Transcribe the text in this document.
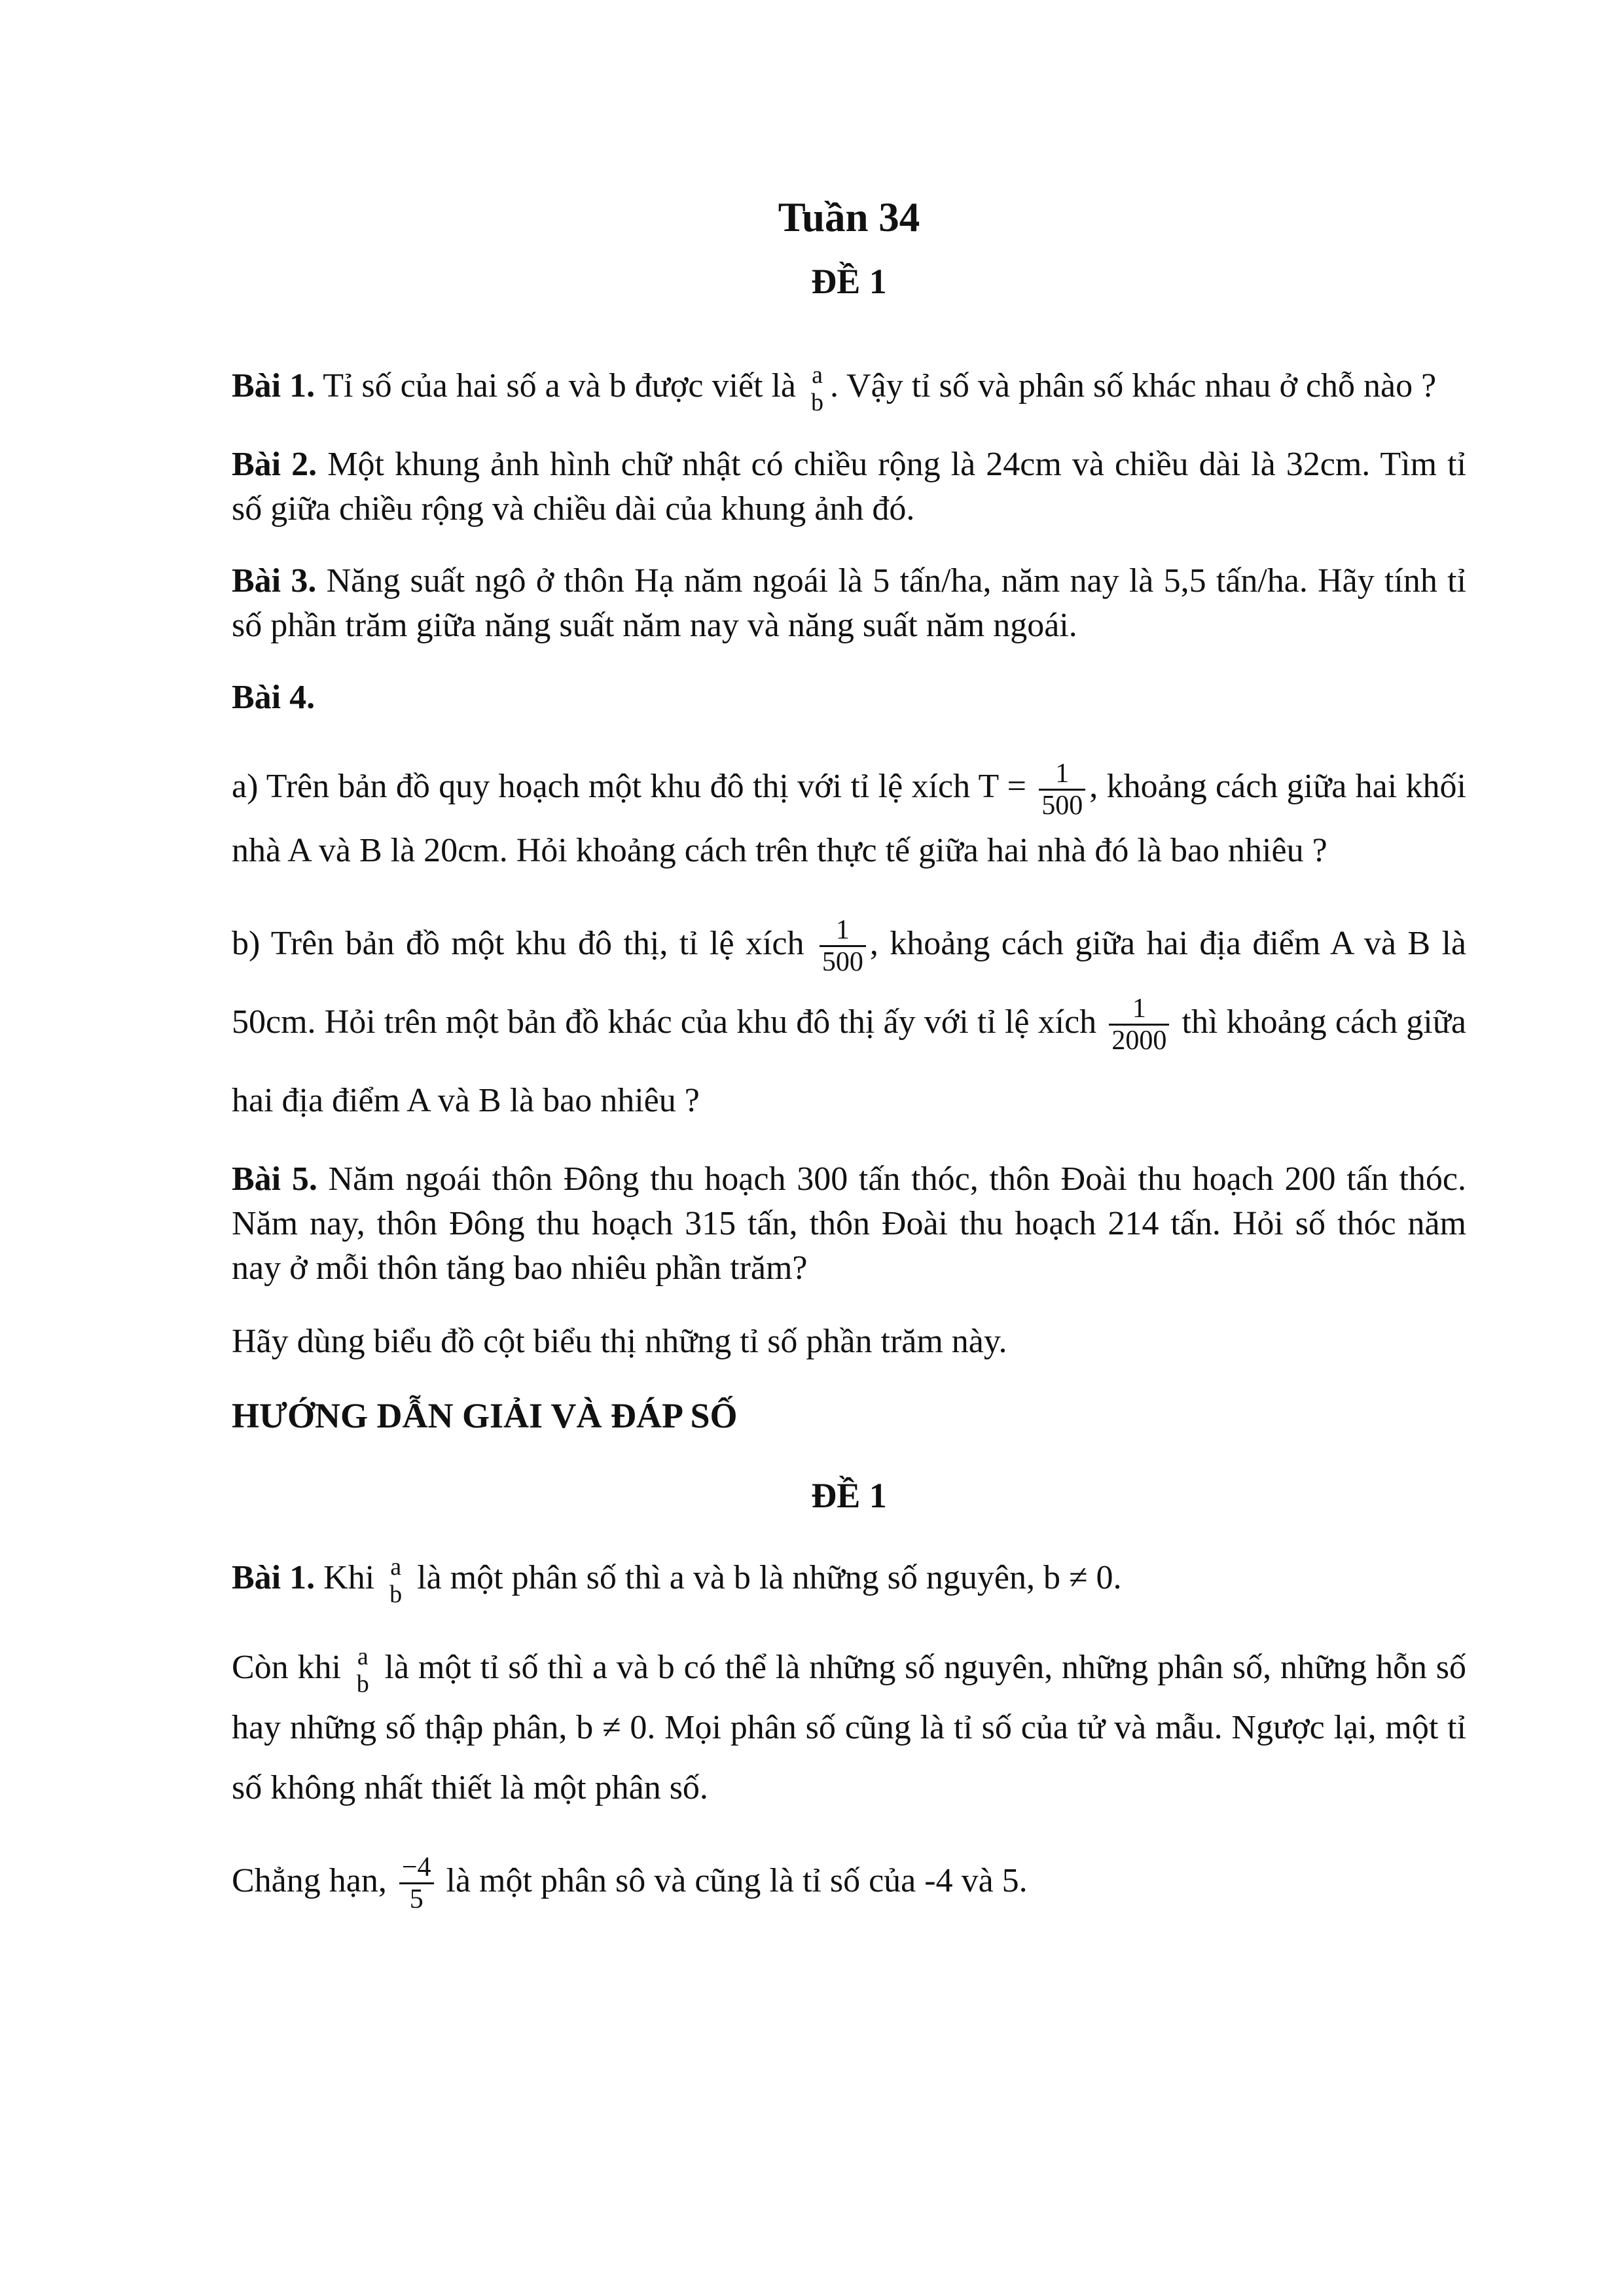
Tuần 34
ĐỀ 1

Bài 1. Tỉ số của hai số a và b được viết là a
b . Vậy tỉ số và phân số khác nhau ở chỗ nào ?

Bài 2. Một khung ảnh hình chữ nhật có chiều rộng là 24cm và chiều dài là 32cm. Tìm tỉ số giữa chiều rộng và chiều dài của khung ảnh đó.

Bài 3. Năng suất ngô ở thôn Hạ năm ngoái là 5 tấn/ha, năm nay là 5,5 tấn/ha. Hãy tính tỉ số phần trăm giữa năng suất năm nay và năng suất năm ngoái.

Bài 4.

a) Trên bản đồ quy hoạch một khu đô thị với tỉ lệ xích $T = \frac{1}{500}$ , khoảng cách giữa hai khối nhà A và B là 20cm. Hỏi khoảng cách trên thực tế giữa hai nhà đó là bao nhiêu ?

b) Trên bản đồ một khu đô thị, tỉ lệ xích $\frac{1}{500}$ , khoảng cách giữa hai địa điểm A và B là 50cm. Hỏi trên một bản đồ khác của khu đô thị ấy với tỉ lệ xích $\frac{1}{2000}$ thì khoảng cách giữa hai địa điểm A và B là bao nhiêu ?

Bài 5. Năm ngoái thôn Đông thu hoạch 300 tấn thóc, thôn Đoài thu hoạch 200 tấn thóc. Năm nay, thôn Đông thu hoạch 315 tấn, thôn Đoài thu hoạch 214 tấn. Hỏi số thóc năm nay ở mỗi thôn tăng bao nhiêu phần trăm?

Hãy dùng biểu đồ cột biểu thị những tỉ số phần trăm này.

HƯỚNG DẪN GIẢI VÀ ĐÁP SỐ

ĐỀ 1

Bài 1. Khi a
b là một phân số thì a và b là những số nguyên, b ≠ 0.

Còn khi a
b là một tỉ số thì a và b có thể là những số nguyên, những phân số, những hỗn số hay những số thập phân, b ≠ 0. Mọi phân số cũng là tỉ số của tử và mẫu. Ngược lại, một tỉ số không nhất thiết là một phân số.

Chẳng hạn, $\frac{-4}{5}$ là một phân sô và cũng là tỉ số của -4 và 5.
